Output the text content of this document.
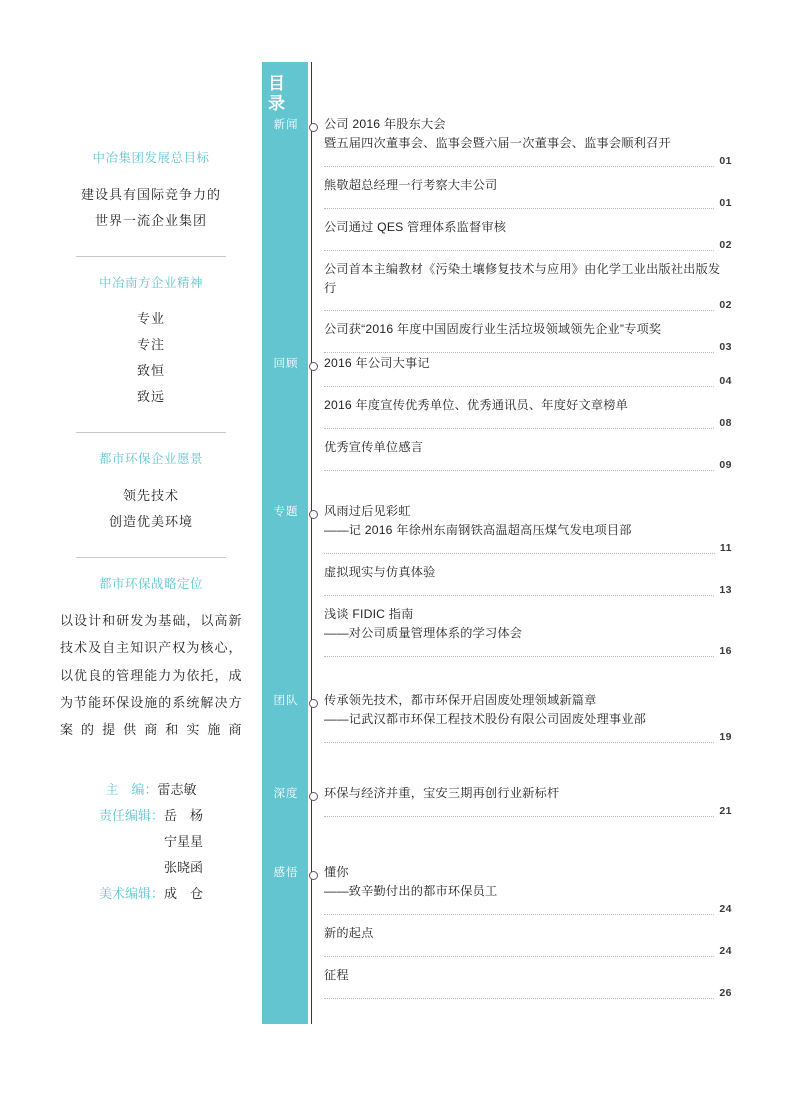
中冶集团发展总目标
建设具有国际竞争力的
世界一流企业集团
中冶南方企业精神
专业
专注
致恒
致远
都市环保企业愿景
领先技术
创造优美环境
都市环保战略定位
以设计和研发为基础，以高新技术及自主知识产权为核心，以优良的管理能力为依托，成为节能环保设施的系统解决方案的提供商和实施商
主　编：雷志敏
责任编辑：岳　杨
　　　　　宁星星
　　　　　张晓函
美术编辑：成　仓
目录
新闻	公司 2016 年股东大会
暨五届四次董事会、监事会暨六届一次董事会、监事会顺利召开
01
熊敬超总经理一行考察大丰公司
01
公司通过 QES 管理体系监督审核
02
公司首本主编教材《污染土壤修复技术与应用》由化学工业出版社出版发行
02
公司获“2016 年度中国固废行业生活垃圾领域领先企业”专项奖
03
回顾	2016 年公司大事记
04
2016 年度宣传优秀单位、优秀通讯员、年度好文章榜单
08
优秀宣传单位感言
09
专题	风雨过后见彩虹
——记 2016 年徐州东南钢铁高温超高压煤气发电项目部
11
虚拟现实与仿真体验
13
浅谈 FIDIC 指南
——对公司质量管理体系的学习体会
16
团队	传承领先技术，都市环保开启固废处理领域新篇章
——记武汉都市环保工程技术股份有限公司固废处理事业部
19
深度	环保与经济并重，宝安三期再创行业新标杆
21
感悟	懂你
——致辛勤付出的都市环保员工
24
新的起点
24
征程
26
